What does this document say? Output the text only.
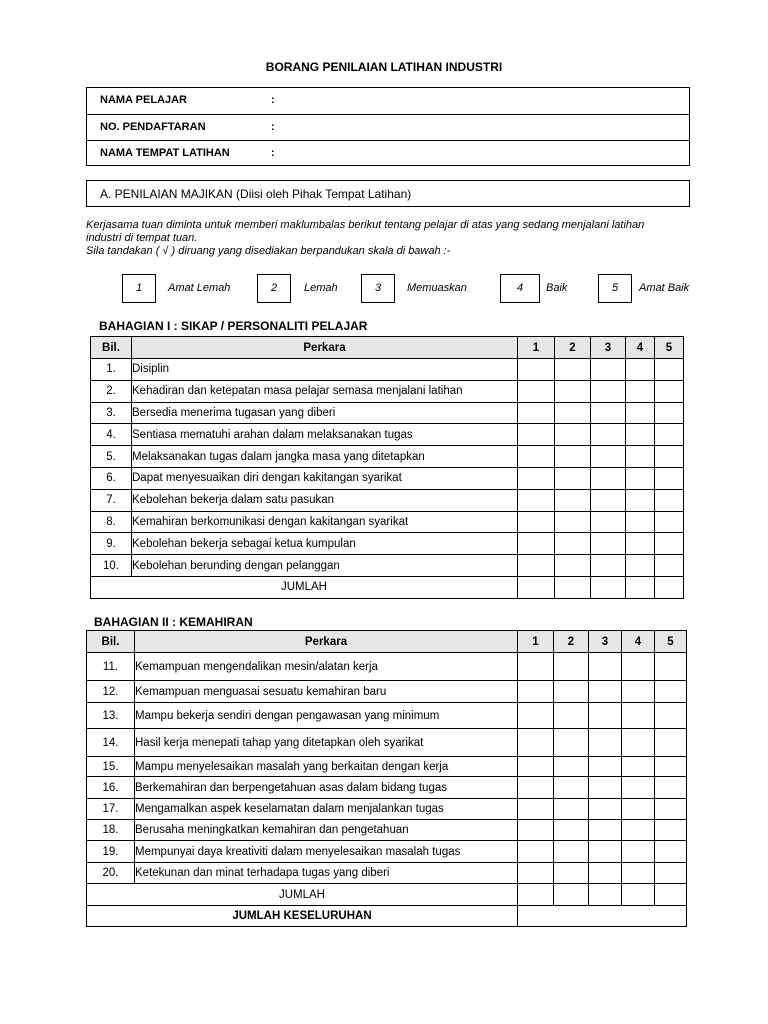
BORANG PENILAIAN LATIHAN INDUSTRI
NAMA PELAJAR	:
NO. PENDAFTARAN	:
NAMA TEMPAT LATIHAN	:
A. PENILAIAN MAJIKAN (Diisi oleh Pihak Tempat Latihan)

Kerjasama tuan diminta untuk memberi maklumbalas berikut tentang pelajar di atas yang sedang menjalani latihan

industri di tempat tuan.

Sila tandakan ( √ ) diruang yang disediakan berpandukan skala di bawah :-

1	Amat Lemah	2	Lemah	3	Memuaskan	4	Baik	5	Amat Baik
BAHAGIAN I : SIKAP / PERSONALITI PELAJAR
Bil.	Perkara	1	2	3	4	5
1.	Disiplin					
2.	Kehadiran dan ketepatan masa pelajar semasa menjalani latihan					
3.	Bersedia menerima tugasan yang diberi					
4.	Sentiasa mematuhi arahan dalam melaksanakan tugas					
5.	Melaksanakan tugas dalam jangka masa yang ditetapkan					
6.	Dapat menyesuaikan diri dengan kakitangan syarikat					
7.	Kebolehan bekerja dalam satu pasukan					
8.	Kemahiran berkomunikasi dengan kakitangan syarikat					
9.	Kebolehan bekerja sebagai ketua kumpulan					
10.	Kebolehan berunding dengan pelanggan					
JUMLAH						
BAHAGIAN II : KEMAHIRAN
Bil.	Perkara	1	2	3	4	5
11.	Kemampuan mengendalikan mesin/alatan kerja					
12.	Kemampuan menguasai sesuatu kemahiran baru					
13.	Mampu bekerja sendiri dengan pengawasan yang minimum					
14.	Hasil kerja menepati tahap yang ditetapkan oleh syarikat					
15.	Mampu menyelesaikan masalah yang berkaitan dengan kerja					
16.	Berkemahiran dan berpengetahuan asas dalam bidang tugas					
17.	Mengamalkan aspek keselamatan dalam menjalankan tugas					
18.	Berusaha meningkatkan kemahiran dan pengetahuan					
19.	Mempunyai daya kreativiti dalam menyelesaikan masalah tugas					
20.	Ketekunan dan minat terhadapa tugas yang diberi					
JUMLAH						
JUMLAH KESELURUHAN						
